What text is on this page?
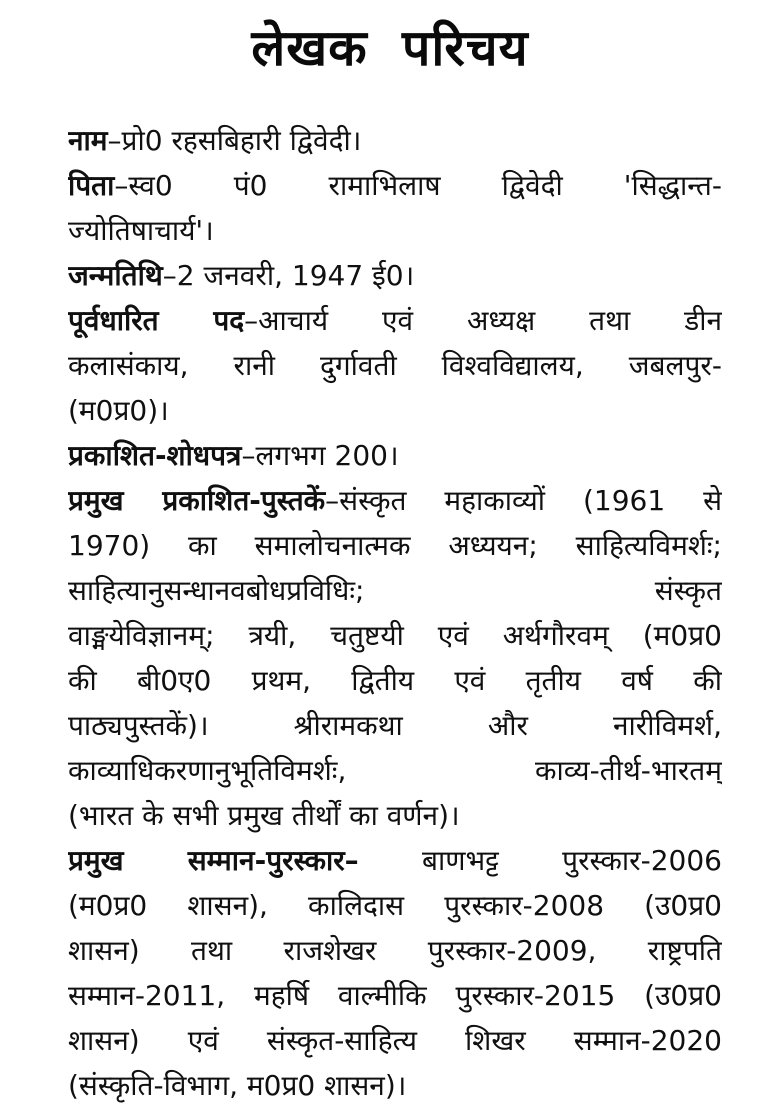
लेखक परिचय

नाम–प्रो0 रहसबिहारी द्विवेदी।

पिता–स्व0 पं0 रामाभिलाष द्विवेदी 'सिद्धान्त-

ज्योतिषाचार्य'।

जन्मतिथि–2 जनवरी, 1947 ई0।

पूर्वधारित पद–आचार्य एवं अध्यक्ष तथा डीन

कलासंकाय, रानी दुर्गावती विश्वविद्यालय, जबलपुर-

(म0प्र0)।

प्रकाशित-शोधपत्र–लगभग 200।

प्रमुख प्रकाशित-पुस्तकें–संस्कृत महाकाव्यों (1961 से

1970) का समालोचनात्मक अध्ययन; साहित्यविमर्शः;

साहित्यानुसन्धानवबोधप्रविधिः; संस्कृत

वाङ्मयेविज्ञानम्; त्रयी, चतुष्टयी एवं अर्थगौरवम् (म0प्र0

की बी0ए0 प्रथम, द्वितीय एवं तृतीय वर्ष की

पाठ्यपुस्तकें)। श्रीरामकथा और नारीविमर्श,

काव्याधिकरणानुभूतिविमर्शः, काव्य-तीर्थ-भारतम्

(भारत के सभी प्रमुख तीर्थों का वर्णन)।

प्रमुख सम्मान-पुरस्कार– बाणभट्ट पुरस्कार-2006

(म0प्र0 शासन), कालिदास पुरस्कार-2008 (उ0प्र0

शासन) तथा राजशेखर पुरस्कार-2009, राष्ट्रपति

सम्मान-2011, महर्षि वाल्मीकि पुरस्कार-2015 (उ0प्र0

शासन) एवं संस्कृत-साहित्य शिखर सम्मान-2020

(संस्कृति-विभाग, म0प्र0 शासन)।
